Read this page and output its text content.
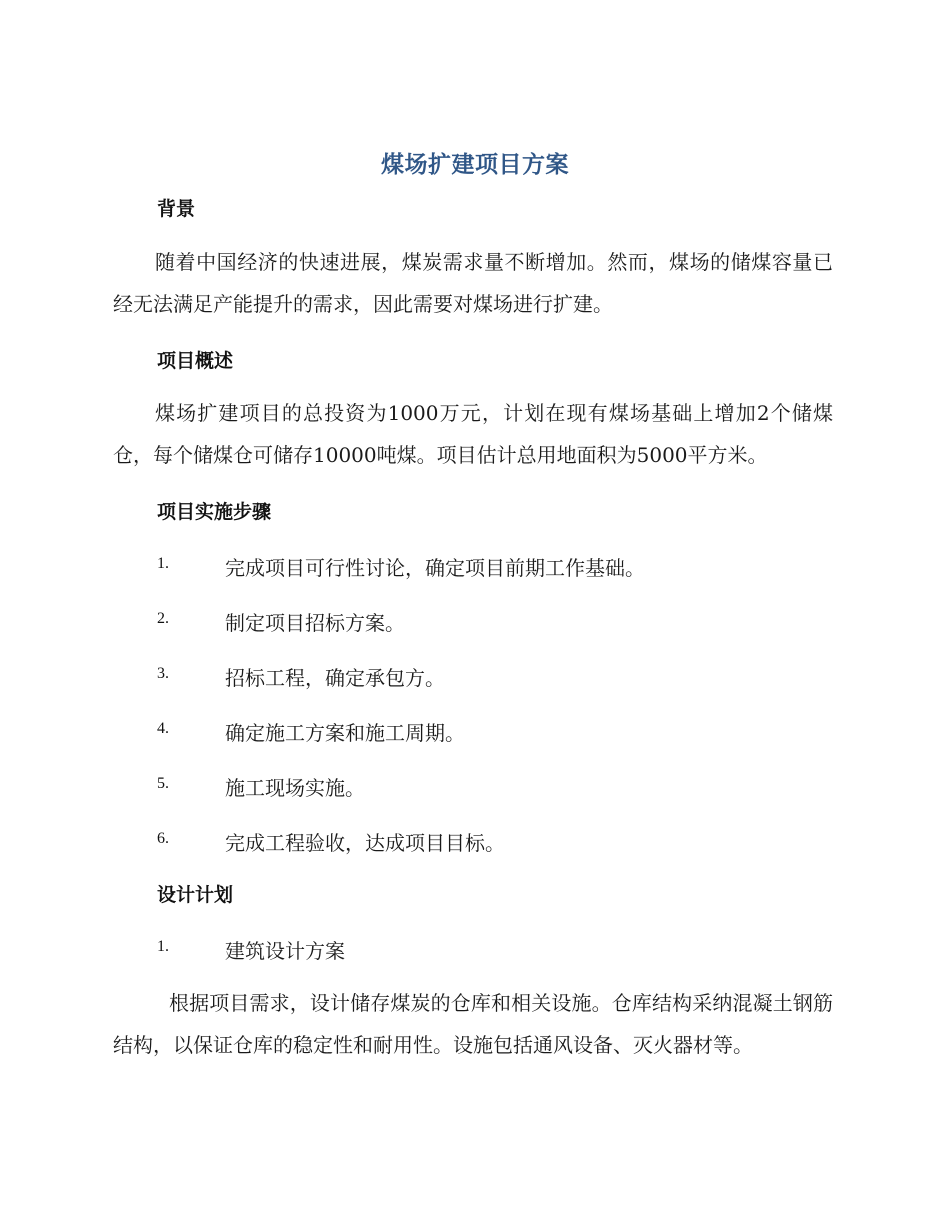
煤场扩建项目方案
背景
随着中国经济的快速进展，煤炭需求量不断增加。然而，煤场的储煤容量已经无法满足产能提升的需求，因此需要对煤场进行扩建。
项目概述
煤场扩建项目的总投资为1000万元，计划在现有煤场基础上增加2个储煤仓，每个储煤仓可储存10000吨煤。项目估计总用地面积为5000平方米。
项目实施步骤
1.	完成项目可行性讨论，确定项目前期工作基础。
2.	制定项目招标方案。
3.	招标工程，确定承包方。
4.	确定施工方案和施工周期。
5.	施工现场实施。
6.	完成工程验收，达成项目目标。
设计计划
1.	建筑设计方案
根据项目需求，设计储存煤炭的仓库和相关设施。仓库结构采纳混凝土钢筋结构，以保证仓库的稳定性和耐用性。设施包括通风设备、灭火器材等。
